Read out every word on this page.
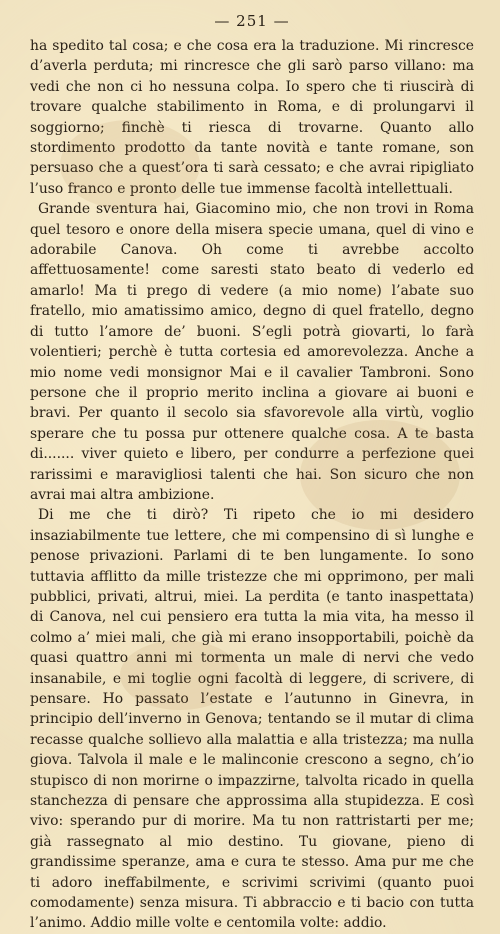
— 251 —

ha spedito tal cosa; e che cosa era la traduzione. Mi rincresce d’averla perduta; mi rincresce che gli sarò parso villano: ma vedi che non ci ho nessuna colpa. Io spero che ti riuscirà di trovare qualche stabilimento in Roma, e di prolungarvi il soggiorno; finchè ti riesca di trovarne. Quanto allo stordimento prodotto da tante novità e tante romane, son persuaso che a quest’ora ti sarà cessato; e che avrai ripigliato l’uso franco e pronto delle tue immense facoltà intellettuali.

Grande sventura hai, Giacomino mio, che non trovi in Roma quel tesoro e onore della misera specie umana, quel di vino e adorabile Canova. Oh come ti avrebbe accolto affettuosamente! come saresti stato beato di vederlo ed amarlo! Ma ti prego di vedere (a mio nome) l’abate suo fratello, mio amatissimo amico, degno di quel fratello, degno di tutto l’amore de’ buoni. S’egli potrà giovarti, lo farà volentieri; perchè è tutta cortesia ed amorevolezza. Anche a mio nome vedi monsignor Mai e il cavalier Tambroni. Sono persone che il proprio merito inclina a giovare ai buoni e bravi. Per quanto il secolo sia sfavorevole alla virtù, voglio sperare che tu possa pur ottenere qualche cosa. A te basta di....... viver quieto e libero, per condurre a perfezione quei rarissimi e maravigliosi talenti che hai. Son sicuro che non avrai mai altra ambizione.

Di me che ti dirò? Ti ripeto che io mi desidero insaziabilmente tue lettere, che mi compensino di sì lunghe e penose privazioni. Parlami di te ben lungamente. Io sono tuttavia afflitto da mille tristezze che mi opprimono, per mali pubblici, privati, altrui, miei. La perdita (e tanto inaspettata) di Canova, nel cui pensiero era tutta la mia vita, ha messo il colmo a’ miei mali, che già mi erano insopportabili, poichè da quasi quattro anni mi tormenta un male di nervi che vedo insanabile, e mi toglie ogni facoltà di leggere, di scrivere, di pensare. Ho passato l’estate e l’autunno in Ginevra, in principio dell’inverno in Genova; tentando se il mutar di clima recasse qualche sollievo alla malattia e alla tristezza; ma nulla giova. Talvola il male e le malinconie crescono a segno, ch’io stupisco di non morirne o impazzirne, talvolta ricado in quella stanchezza di pensare che approssima alla stupidezza. E così vivo: sperando pur di morire. Ma tu non rattristarti per me; già rassegnato al mio destino. Tu giovane, pieno di grandissime speranze, ama e cura te stesso. Ama pur me che ti adoro ineffabilmente, e scrivimi scrivimi (quanto puoi comodamente) senza misura. Ti abbraccio e ti bacio con tutta l’animo. Addio mille volte e centomila volte: addio.
